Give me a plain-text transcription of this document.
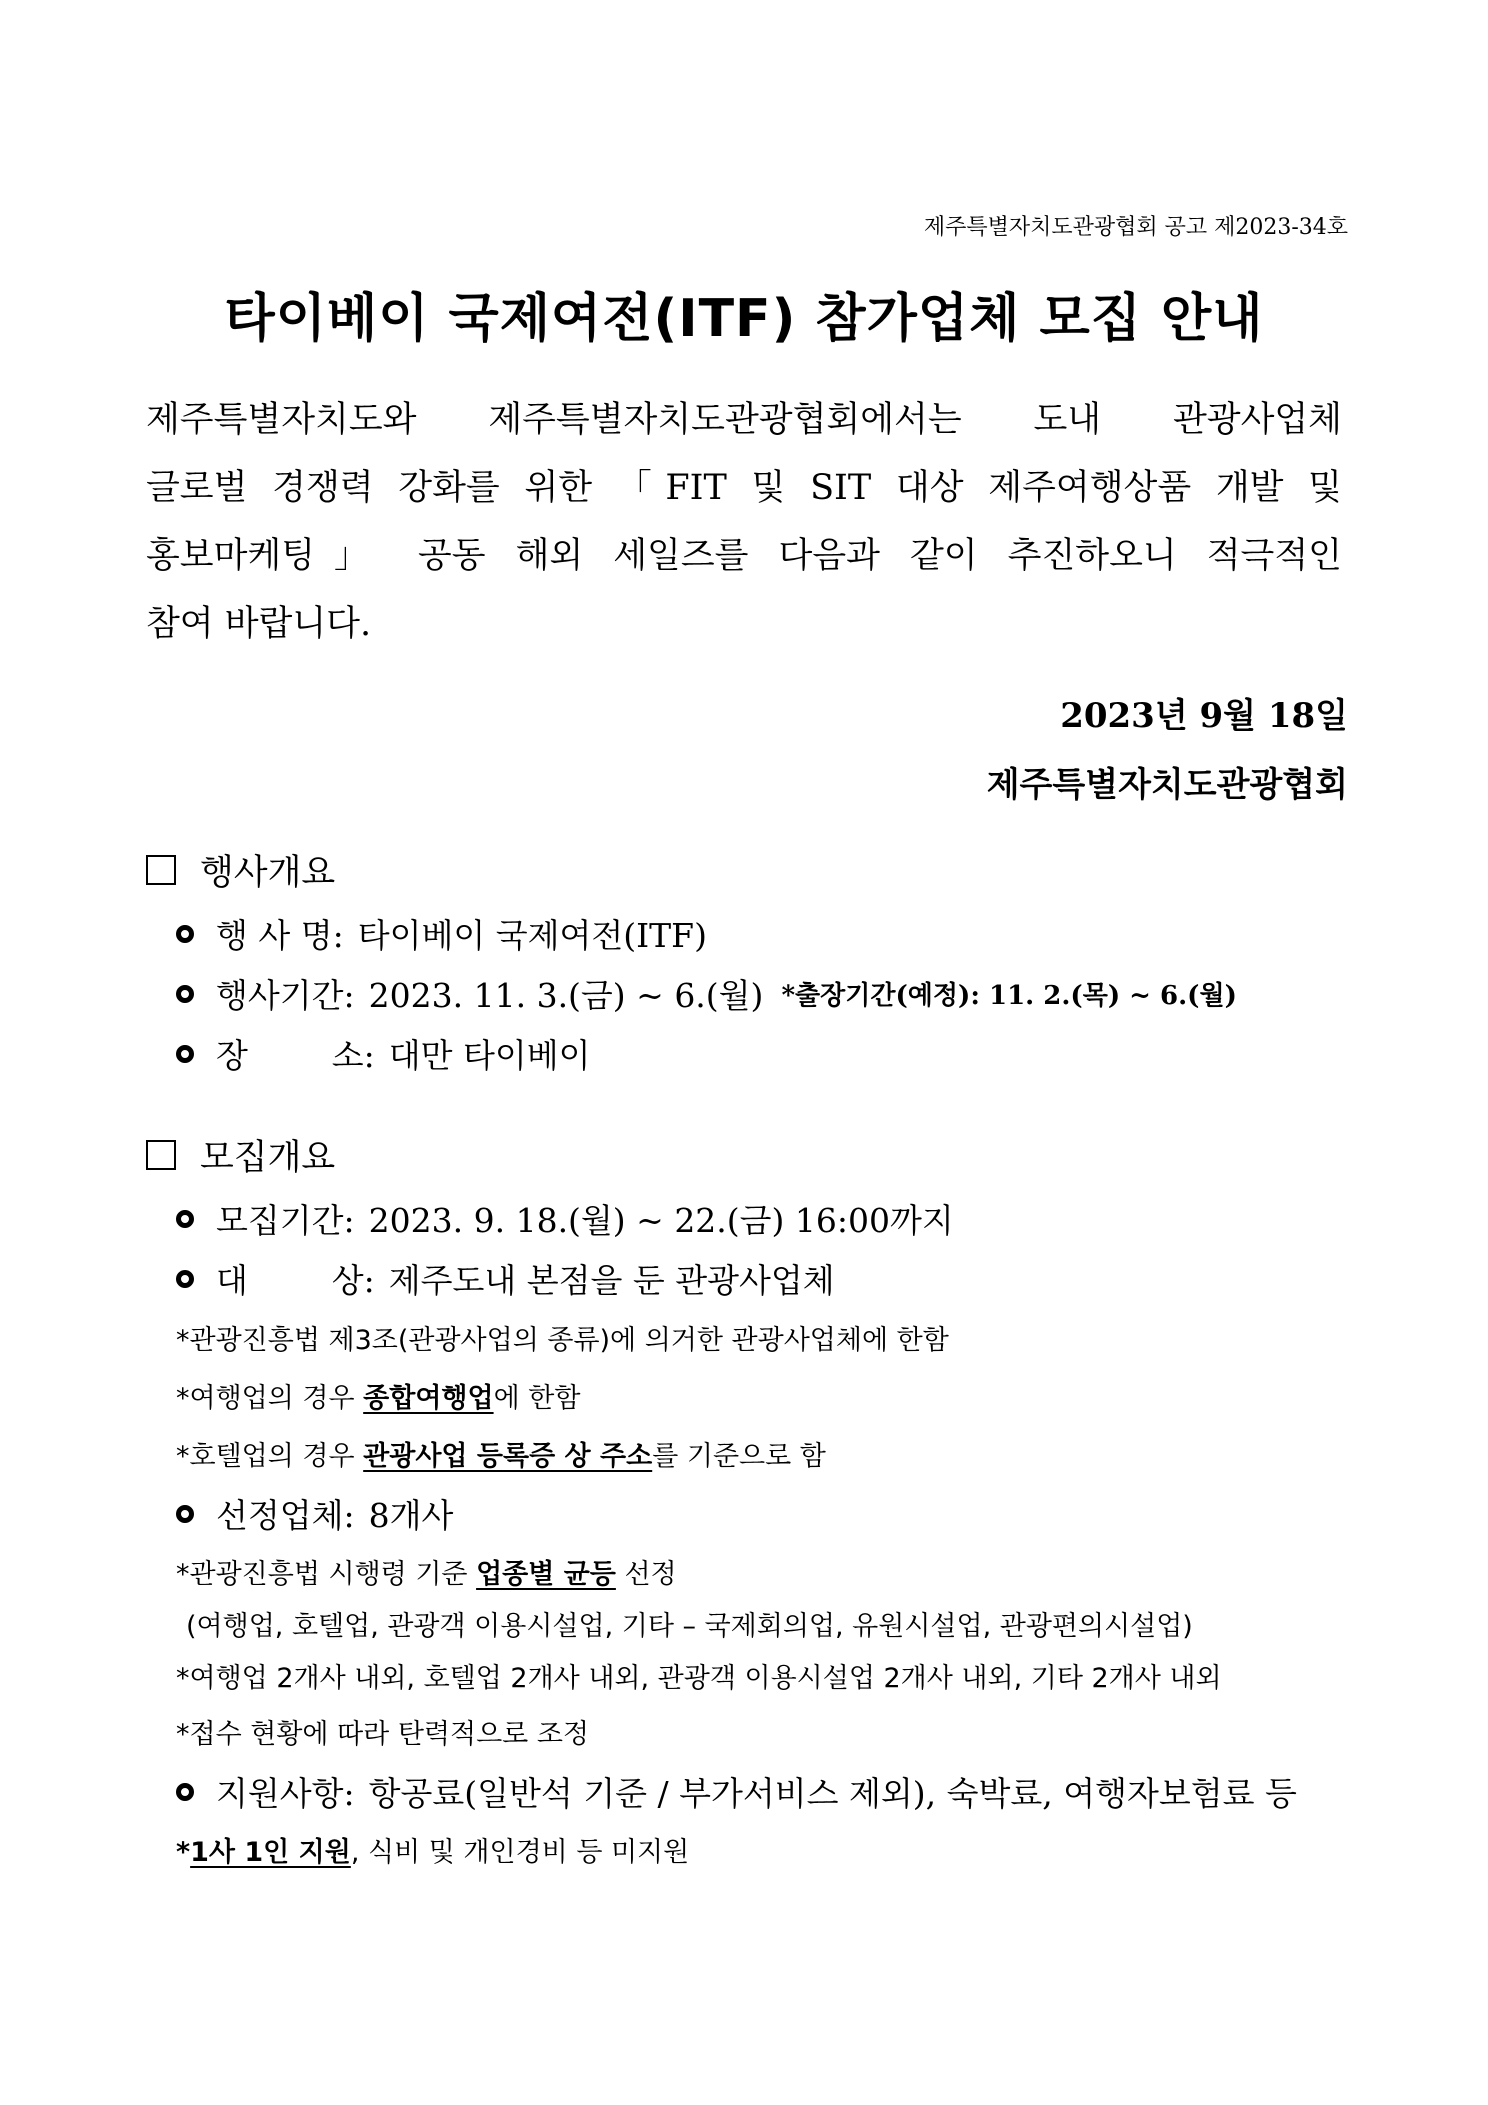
제주특별자치도관광협회 공고 제2023-34호
타이베이 국제여전(ITF) 참가업체 모집 안내
제주특별자치도와 제주특별자치도관광협회에서는 도내 관광사업체
글로벌 경쟁력 강화를 위한 「FIT 및 SIT 대상 제주여행상품 개발 및
홍보마케팅」 공동 해외 세일즈를 다음과 같이 추진하오니 적극적인
참여 바랍니다.
2023년 9월 18일
제주특별자치도관광협회
행사개요
행 사 명: 타이베이 국제여전(ITF)
행사기간: 2023. 11. 3.(금) ~ 6.(월) *출장기간(예정): 11. 2.(목) ~ 6.(월)
장        소: 대만 타이베이
모집개요
모집기간: 2023. 9. 18.(월) ~ 22.(금) 16:00까지
대        상: 제주도내 본점을 둔 관광사업체
*관광진흥법 제3조(관광사업의 종류)에 의거한 관광사업체에 한함
*여행업의 경우 종합여행업에 한함
*호텔업의 경우 관광사업 등록증 상 주소를 기준으로 함
선정업체: 8개사
*관광진흥법 시행령 기준 업종별 균등 선정
(여행업, 호텔업, 관광객 이용시설업, 기타 – 국제회의업, 유원시설업, 관광편의시설업)
*여행업 2개사 내외, 호텔업 2개사 내외, 관광객 이용시설업 2개사 내외, 기타 2개사 내외
*접수 현황에 따라 탄력적으로 조정
지원사항: 항공료(일반석 기준 / 부가서비스 제외), 숙박료, 여행자보험료 등
*1사 1인 지원, 식비 및 개인경비 등 미지원
